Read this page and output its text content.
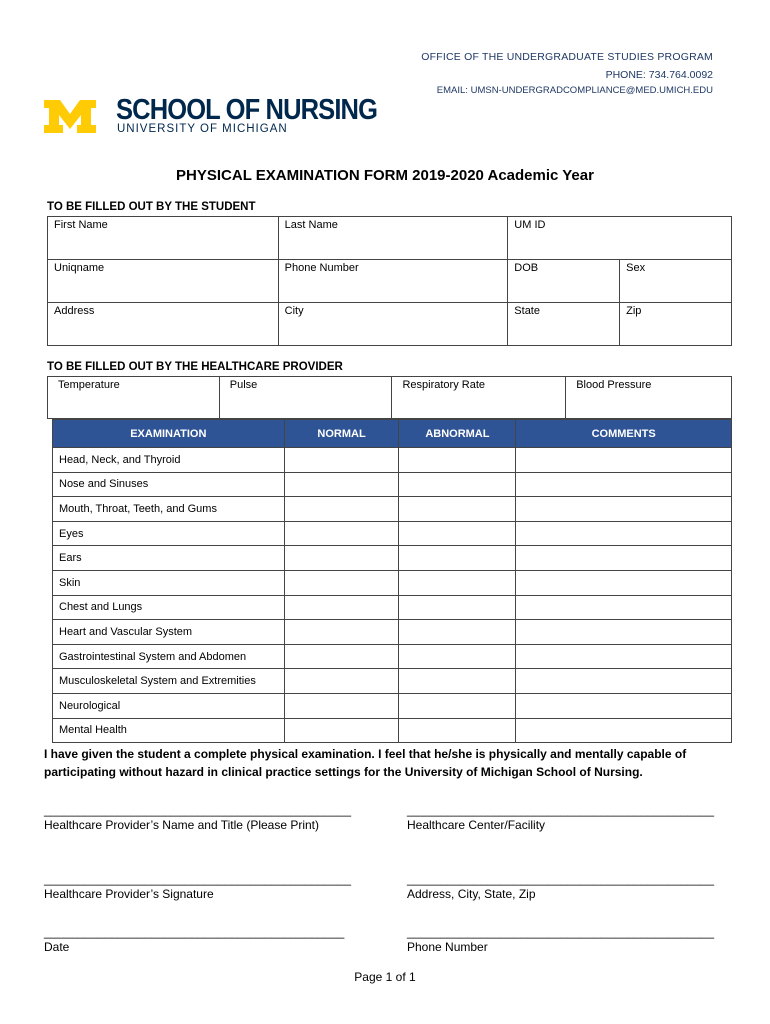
OFFICE OF THE UNDERGRADUATE STUDIES PROGRAM
PHONE: 734.764.0092
EMAIL: UMSN-UNDERGRADCOMPLIANCE@MED.UMICH.EDU
SCHOOL OF NURSING
UNIVERSITY OF MICHIGAN
PHYSICAL EXAMINATION FORM 2019-2020 Academic Year
TO BE FILLED OUT BY THE STUDENT
First Name	Last Name	UM ID	
Uniqname	Phone Number	DOB	Sex
Address	City	State	Zip
TO BE FILLED OUT BY THE HEALTHCARE PROVIDER
Temperature	Pulse	Respiratory Rate	Blood Pressure
EXAMINATION	NORMAL	ABNORMAL	COMMENTS
Head, Neck, and Thyroid			
Nose and Sinuses			
Mouth, Throat, Teeth, and Gums			
Eyes			
Ears			
Skin			
Chest and Lungs			
Heart and Vascular System			
Gastrointestinal System and Abdomen			
Musculoskeletal System and Extremities			
Neurological			
Mental Health			
I have given the student a complete physical examination. I feel that he/she is physically and mentally capable of participating without hazard in clinical practice settings for the University of Michigan School of Nursing.
______________________________________________
Healthcare Provider’s Name and Title (Please Print)
______________________________________________
Healthcare Center/Facility
______________________________________________
Healthcare Provider’s Signature
______________________________________________
Address, City, State, Zip
_____________________________________________
Date
______________________________________________
Phone Number
Page 1 of 1
